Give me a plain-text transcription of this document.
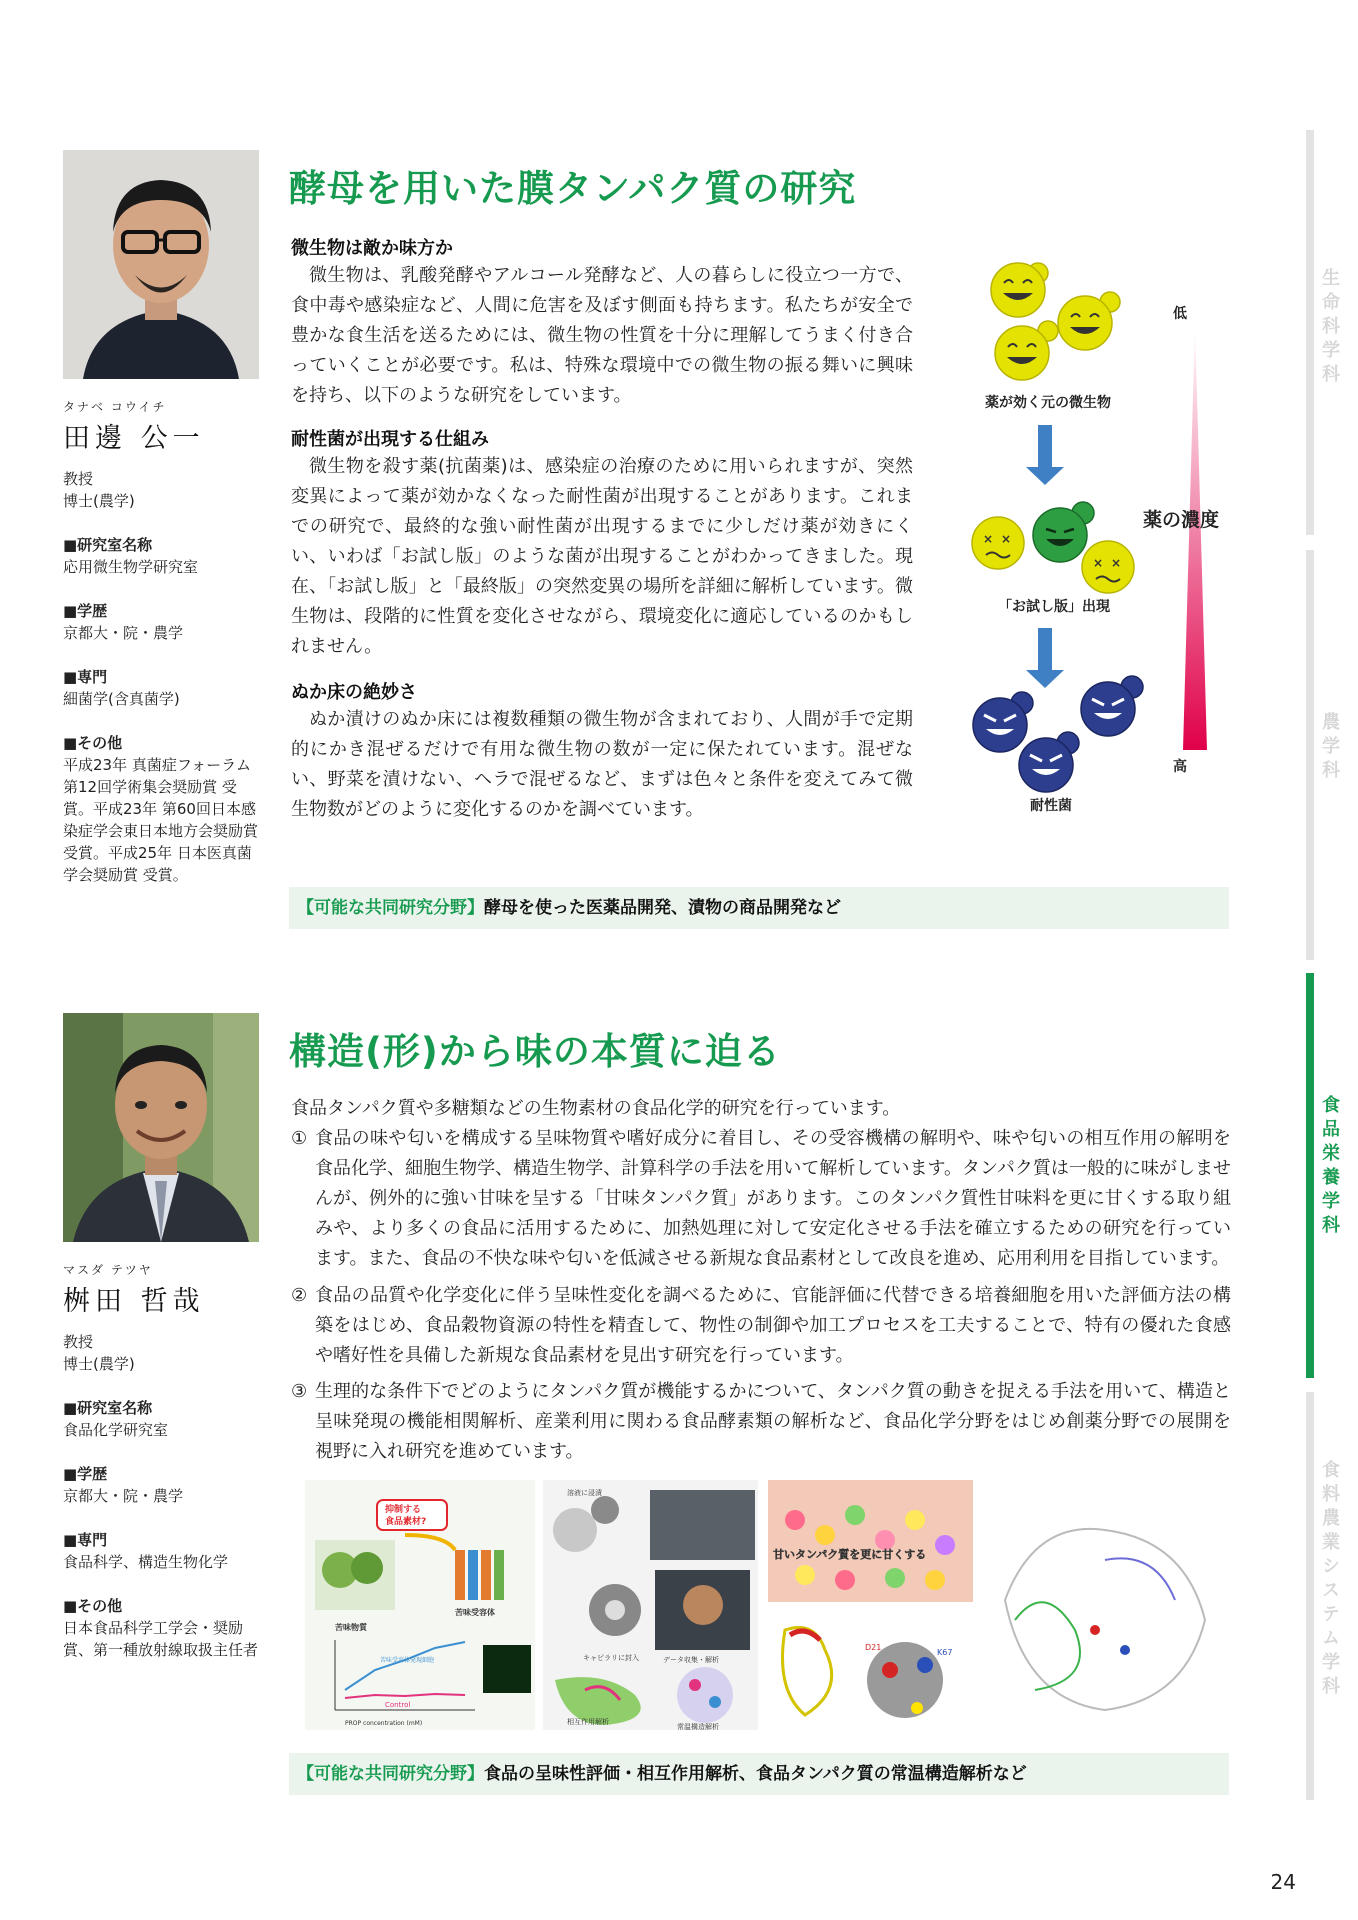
生命科学科
農学科
食品栄養学科
食料農業システム学科
タナベ コウイチ
田邊 公一

教授
博士(農学)

■研究室名称
応用微生物学研究室

■学歴
京都大・院・農学

■専門
細菌学(含真菌学)

■その他
平成23年 真菌症フォーラム第12回学術集会奨励賞 受賞。平成23年 第60回日本感染症学会東日本地方会奨励賞 受賞。平成25年 日本医真菌学会奨励賞 受賞。

酵母を用いた膜タンパク質の研究
微生物は敵か味方か

微生物は、乳酸発酵やアルコール発酵など、人の暮らしに役立つ一方で、食中毒や感染症など、人間に危害を及ぼす側面も持ちます。私たちが安全で豊かな食生活を送るためには、微生物の性質を十分に理解してうまく付き合っていくことが必要です。私は、特殊な環境中での微生物の振る舞いに興味を持ち、以下のような研究をしています。

耐性菌が出現する仕組み

微生物を殺す薬(抗菌薬)は、感染症の治療のために用いられますが、突然変異によって薬が効かなくなった耐性菌が出現することがあります。これまでの研究で、最終的な強い耐性菌が出現するまでに少しだけ薬が効きにくい、いわば「お試し版」のような菌が出現することがわかってきました。現在、「お試し版」と「最終版」の突然変異の場所を詳細に解析しています。微生物は、段階的に性質を変化させながら、環境変化に適応しているのかもしれません。

ぬか床の絶妙さ

ぬか漬けのぬか床には複数種類の微生物が含まれており、人間が手で定期的にかき混ぜるだけで有用な微生物の数が一定に保たれています。混ぜない、野菜を漬けない、ヘラで混ぜるなど、まずは色々と条件を変えてみて微生物数がどのように変化するのかを調べています。

× ×
× ×
薬が効く元の微生物
「お試し版」出現
耐性菌
低
高
薬の濃度
【可能な共同研究分野】酵母を使った医薬品開発、漬物の商品開発など
マスダ テツヤ
桝田 哲哉

教授
博士(農学)

■研究室名称
食品化学研究室

■学歴
京都大・院・農学

■専門
食品科学、構造生物化学

■その他
日本食品科学工学会・奨励賞、第一種放射線取扱主任者

構造(形)から味の本質に迫る

食品タンパク質や多糖類などの生物素材の食品化学的研究を行っています。

① 食品の味や匂いを構成する呈味物質や嗜好成分に着目し、その受容機構の解明や、味や匂いの相互作用の解明を食品化学、細胞生物学、構造生物学、計算科学の手法を用いて解析しています。タンパク質は一般的に味がしませんが、例外的に強い甘味を呈する「甘味タンパク質」があります。このタンパク質性甘味料を更に甘くする取り組みや、より多くの食品に活用するために、加熱処理に対して安定化させる手法を確立するための研究を行っています。また、食品の不快な味や匂いを低減させる新規な食品素材として改良を進め、応用利用を目指しています。
② 食品の品質や化学変化に伴う呈味性変化を調べるために、官能評価に代替できる培養細胞を用いた評価方法の構築をはじめ、食品穀物資源の特性を精査して、物性の制御や加工プロセスを工夫することで、特有の優れた食感や嗜好性を具備した新規な食品素材を見出す研究を行っています。
③ 生理的な条件下でどのようにタンパク質が機能するかについて、タンパク質の動きを捉える手法を用いて、構造と呈味発現の機能相関解析、産業利用に関わる食品酵素類の解析など、食品化学分野をはじめ創薬分野での展開を視野に入れ研究を進めています。
抑制する
食品素材?
苦味物質
苦味受容体
Control
苦味受容体発現細胞
PROP concentration (mM)
溶液に浸漬
キャピラリに封入	データ収集・解析
相互作用解析
常温構造解析
甘いタンパク質を更に甘くする
D21
K67
【可能な共同研究分野】食品の呈味性評価・相互作用解析、食品タンパク質の常温構造解析など
24
